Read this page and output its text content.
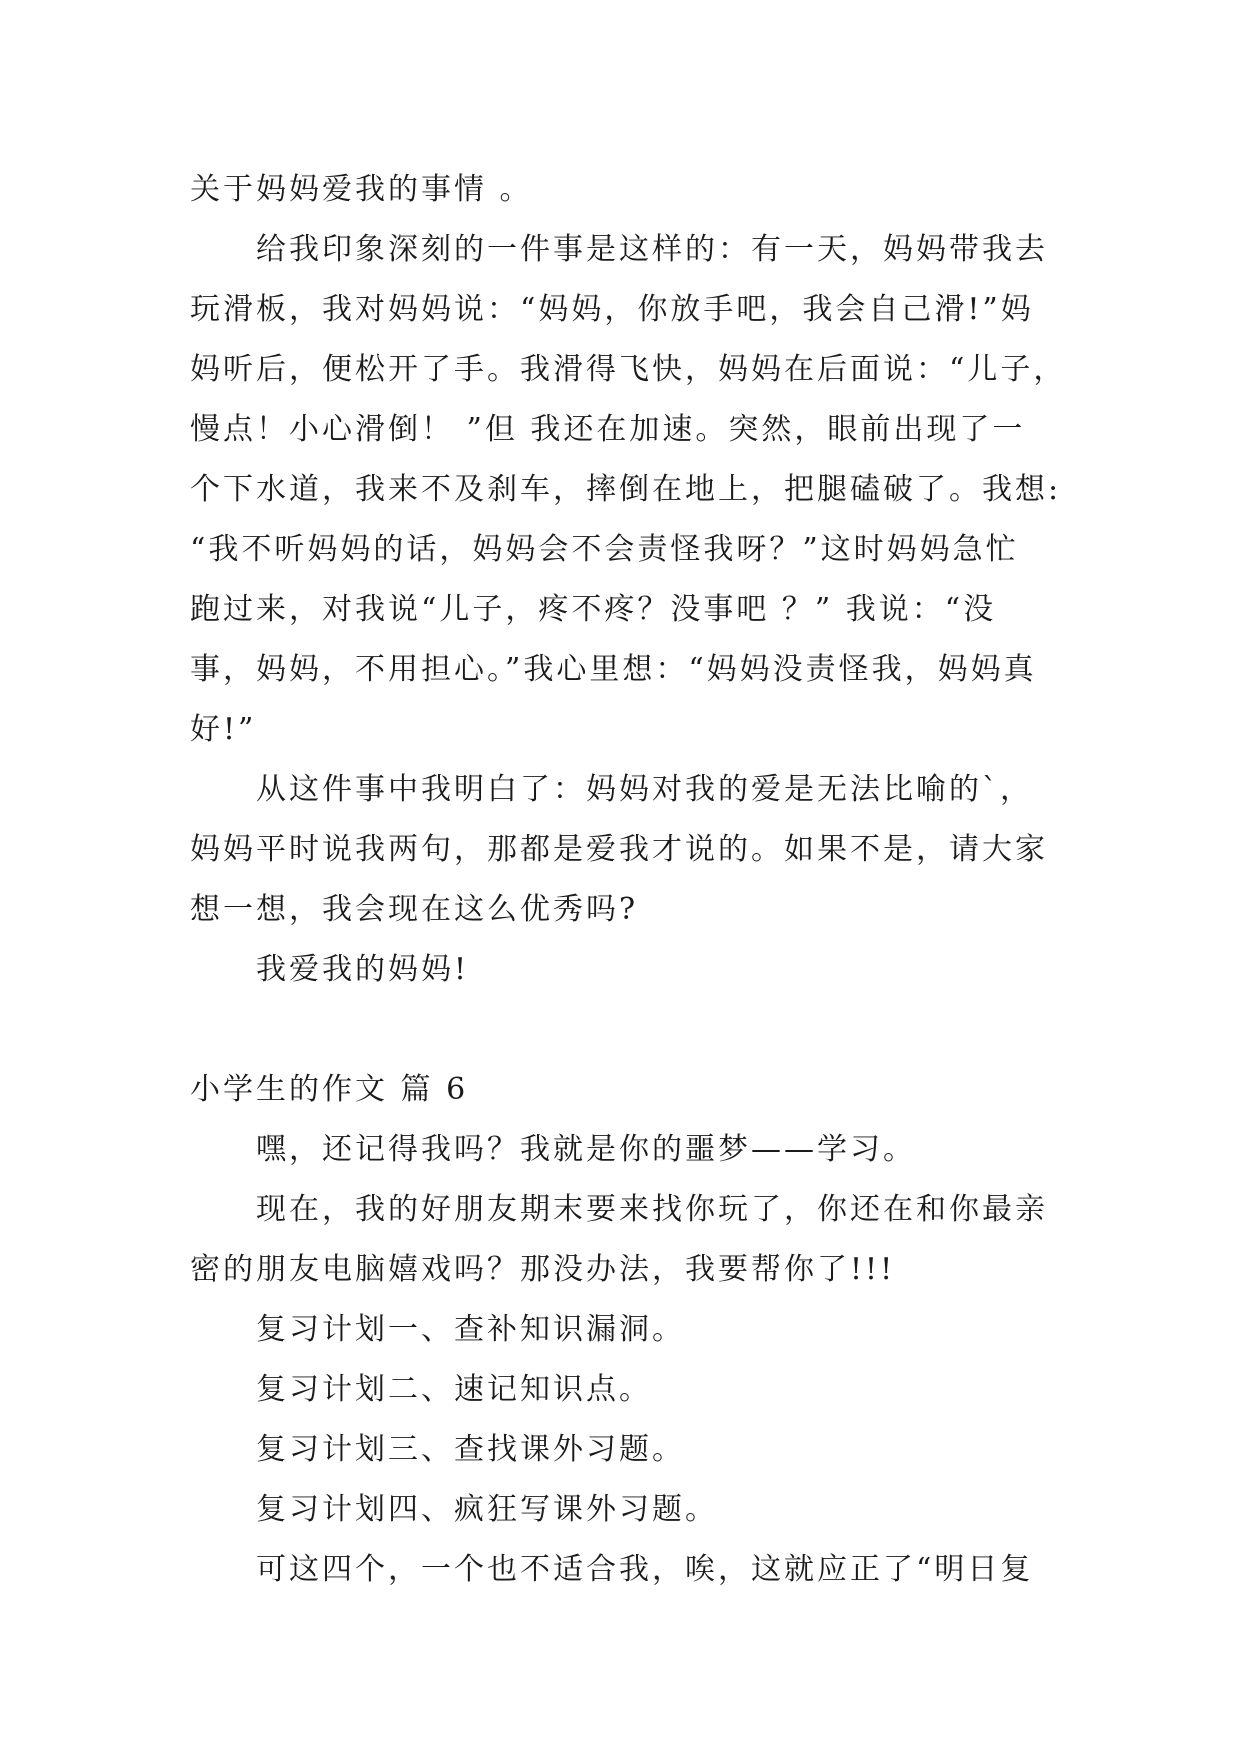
关于妈妈爱我的事情 。

给我印象深刻的一件事是这样的：有一天，妈妈带我去

玩滑板，我对妈妈说：“妈妈，你放手吧，我会自己滑!”妈

妈听后，便松开了手。我滑得飞快，妈妈在后面说：“儿子，

慢点！小心滑倒！ ”但 我还在加速。突然，眼前出现了一

个下水道，我来不及刹车，摔倒在地上，把腿磕破了。我想:

“我不听妈妈的话，妈妈会不会责怪我呀？”这时妈妈急忙

跑过来，对我说“儿子，疼不疼？没事吧 ？” 我说：“没

事，妈妈，不用担心。”我心里想：“妈妈没责怪我，妈妈真

好!”

从这件事中我明白了：妈妈对我的爱是无法比喻的`，

妈妈平时说我两句，那都是爱我才说的。如果不是，请大家

想一想，我会现在这么优秀吗?

我爱我的妈妈!

小学生的作文 篇 6

嘿，还记得我吗？我就是你的噩梦——学习。

现在，我的好朋友期末要来找你玩了，你还在和你最亲

密的朋友电脑嬉戏吗？那没办法，我要帮你了!!!

复习计划一、查补知识漏洞。

复习计划二、速记知识点。

复习计划三、查找课外习题。

复习计划四、疯狂写课外习题。

可这四个，一个也不适合我，唉，这就应正了“明日复
